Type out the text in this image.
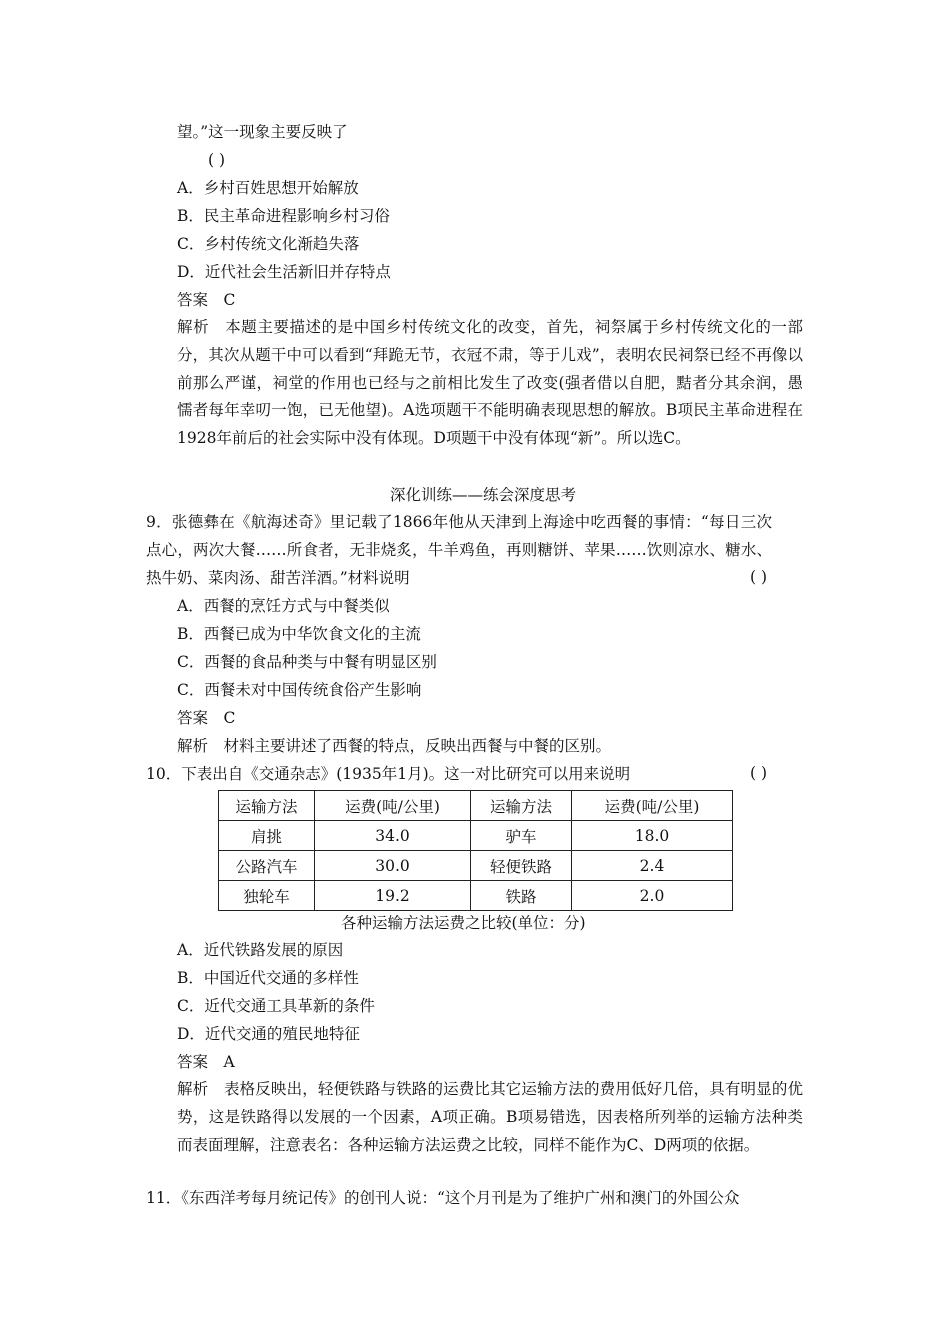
望。”这一现象主要反映了
( )
A．乡村百姓思想开始解放
B．民主革命进程影响乡村习俗
C．乡村传统文化渐趋失落
D．近代社会生活新旧并存特点
答案　C
解析　本题主要描述的是中国乡村传统文化的改变，首先，祠祭属于乡村传统文化的一部分，其次从题干中可以看到“拜跪无节，衣冠不肃，等于儿戏”，表明农民祠祭已经不再像以前那么严谨，祠堂的作用也已经与之前相比发生了改变(强者借以自肥，黠者分其余润，愚懦者每年幸叨一饱，已无他望)。A选项题干不能明确表现思想的解放。B项民主革命进程在1928年前后的社会实际中没有体现。D项题干中没有体现“新”。所以选C。
深化训练——练会深度思考
9．张德彝在《航海述奇》里记载了1866年他从天津到上海途中吃西餐的事情：“每日三次点心，两次大餐……所食者，无非烧炙，牛羊鸡鱼，再则糖饼、苹果……饮则凉水、糖水、热牛奶、菜肉汤、甜苦洋酒。”材料说明	( )
A．西餐的烹饪方式与中餐类似
B．西餐已成为中华饮食文化的主流
C．西餐的食品种类与中餐有明显区别
C．西餐未对中国传统食俗产生影响
答案　C
解析　材料主要讲述了西餐的特点，反映出西餐与中餐的区别。
10．下表出自《交通杂志》(1935年1月)。这一对比研究可以用来说明	( )
运输方法	运费(吨/公里)	运输方法	运费(吨/公里)
肩挑	34.0	驴车	18.0
公路汽车	30.0	轻便铁路	2.4
独轮车	19.2	铁路	2.0
各种运输方法运费之比较(单位：分)
A．近代铁路发展的原因
B．中国近代交通的多样性
C．近代交通工具革新的条件
D．近代交通的殖民地特征
答案　A
解析　表格反映出，轻便铁路与铁路的运费比其它运输方法的费用低好几倍，具有明显的优势，这是铁路得以发展的一个因素，A项正确。B项易错选，因表格所列举的运输方法种类而表面理解，注意表名：各种运输方法运费之比较，同样不能作为C、D两项的依据。
11．《东西洋考每月统记传》的创刊人说：“这个月刊是为了维护广州和澳门的外国公众
